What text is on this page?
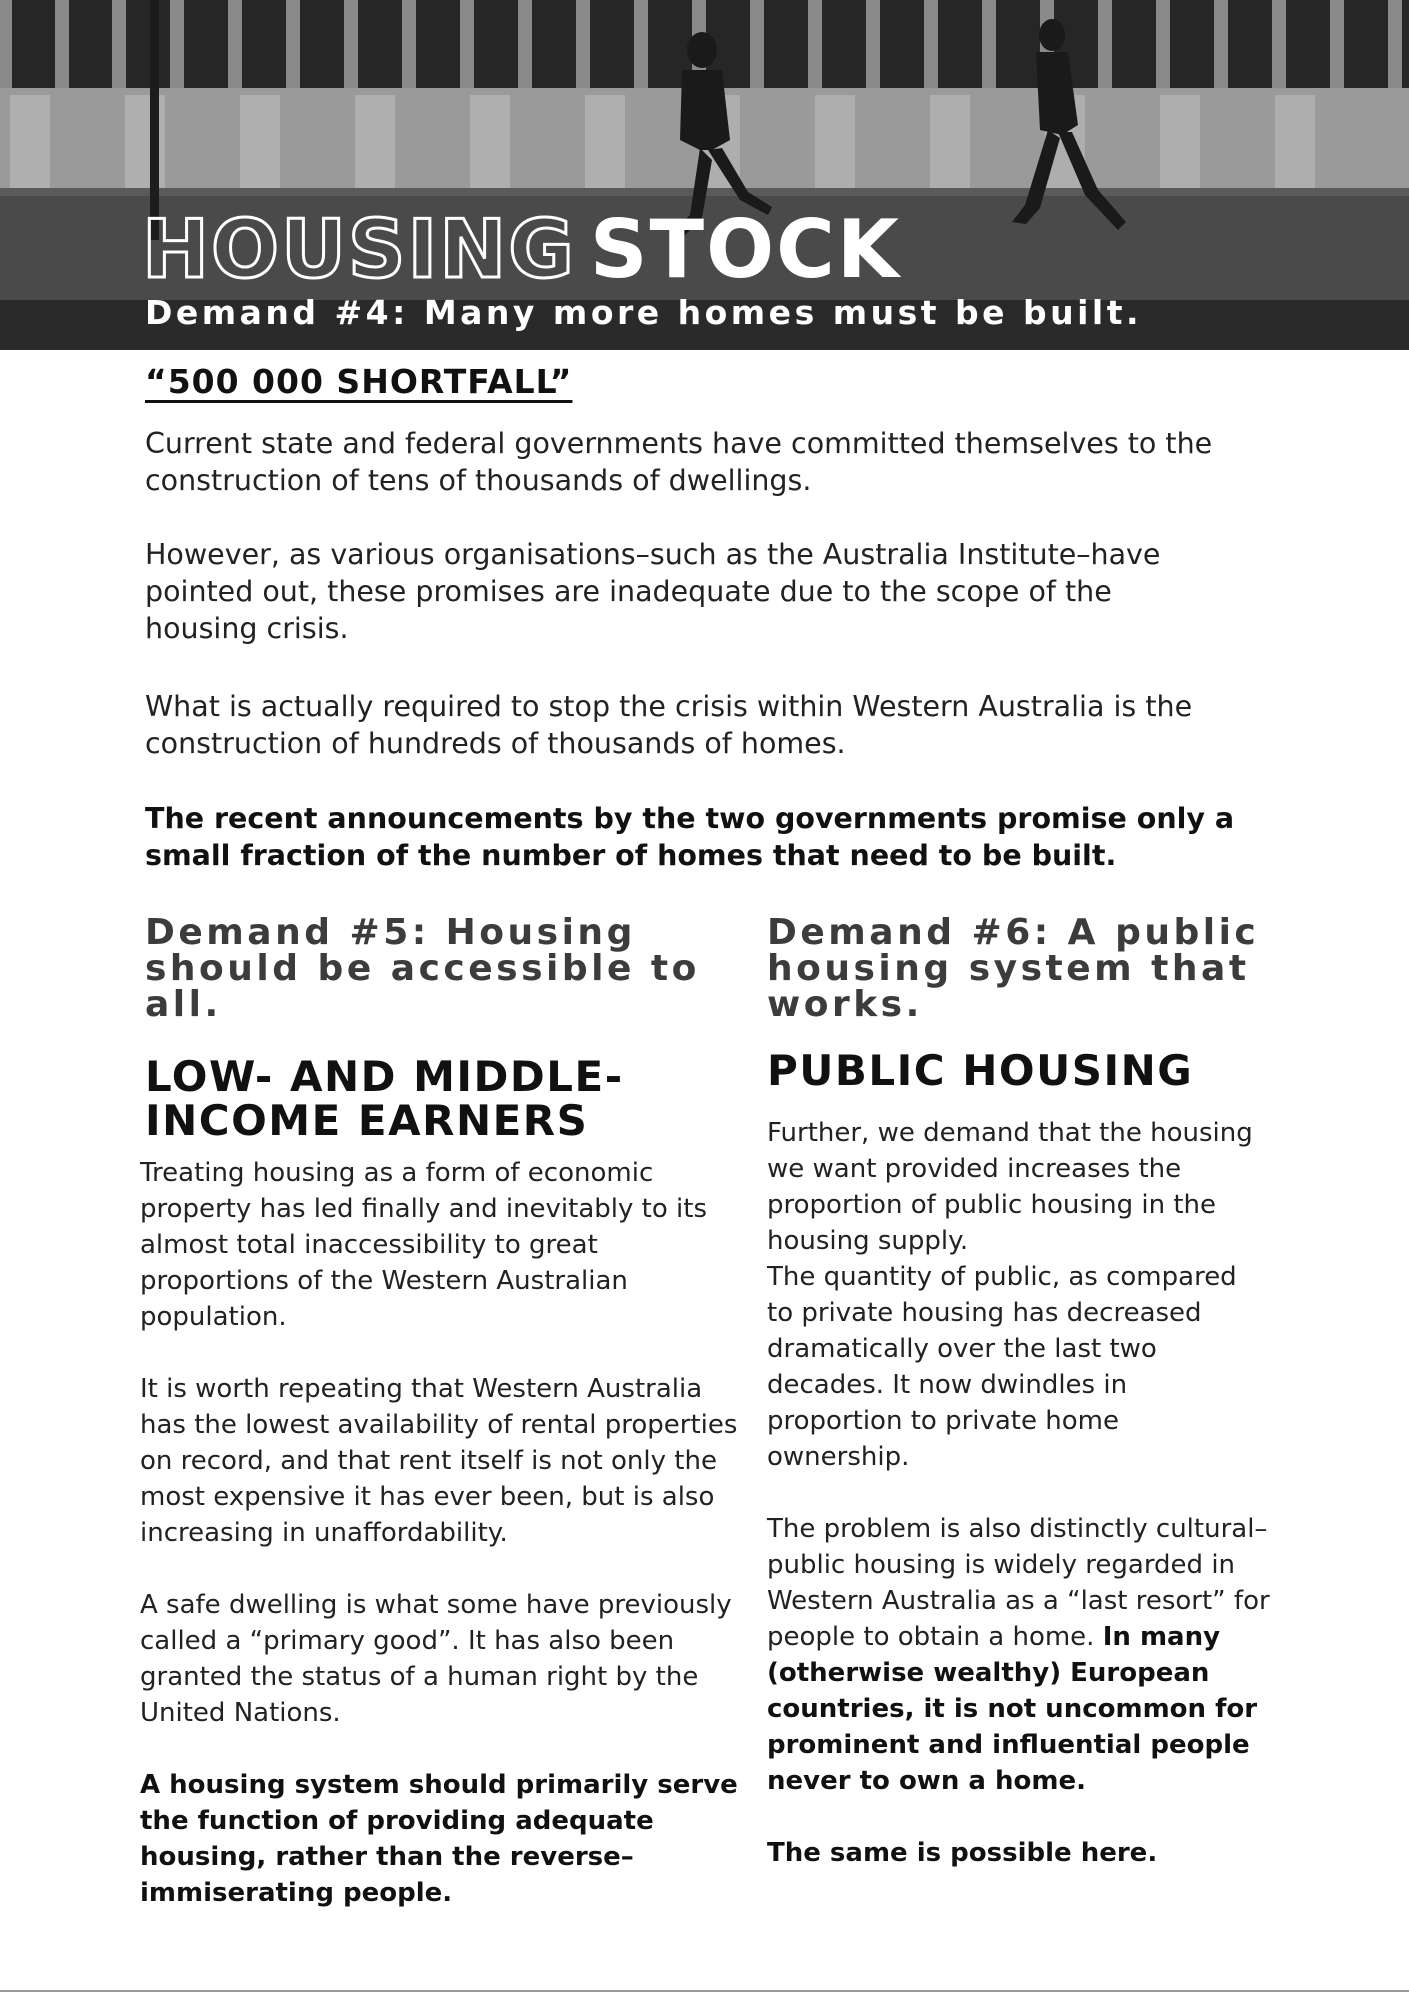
HOUSING STOCK
Demand #4: Many more homes must be built.
“500 000 SHORTFALL”
Current state and federal governments have committed themselves to the construction of tens of thousands of dwellings.
However, as various organisations–such as the Australia Institute–have pointed out, these promises are inadequate due to the scope of the housing crisis.
What is actually required to stop the crisis within Western Australia is the construction of hundreds of thousands of homes.
The recent announcements by the two governments promise only a small fraction of the number of homes that need to be built.
Demand #5: Housing should be accessible to all.
LOW- AND MIDDLE-INCOME EARNERS
Treating housing as a form of economic property has led finally and inevitably to its almost total inaccessibility to great proportions of the Western Australian population.
It is worth repeating that Western Australia has the lowest availability of rental properties on record, and that rent itself is not only the most expensive it has ever been, but is also increasing in unaffordability.
A safe dwelling is what some have previously called a “primary good”. It has also been granted the status of a human right by the United Nations.
A housing system should primarily serve the function of providing adequate housing, rather than the reverse–immiserating people.
Demand #6: A public housing system that works.
PUBLIC HOUSING
Further, we demand that the housing we want provided increases the proportion of public housing in the housing supply.
The quantity of public, as compared to private housing has decreased dramatically over the last two decades. It now dwindles in proportion to private home ownership.
The problem is also distinctly cultural–public housing is widely regarded in Western Australia as a “last resort” for people to obtain a home. In many (otherwise wealthy) European countries, it is not uncommon for prominent and influential people never to own a home.
The same is possible here.
